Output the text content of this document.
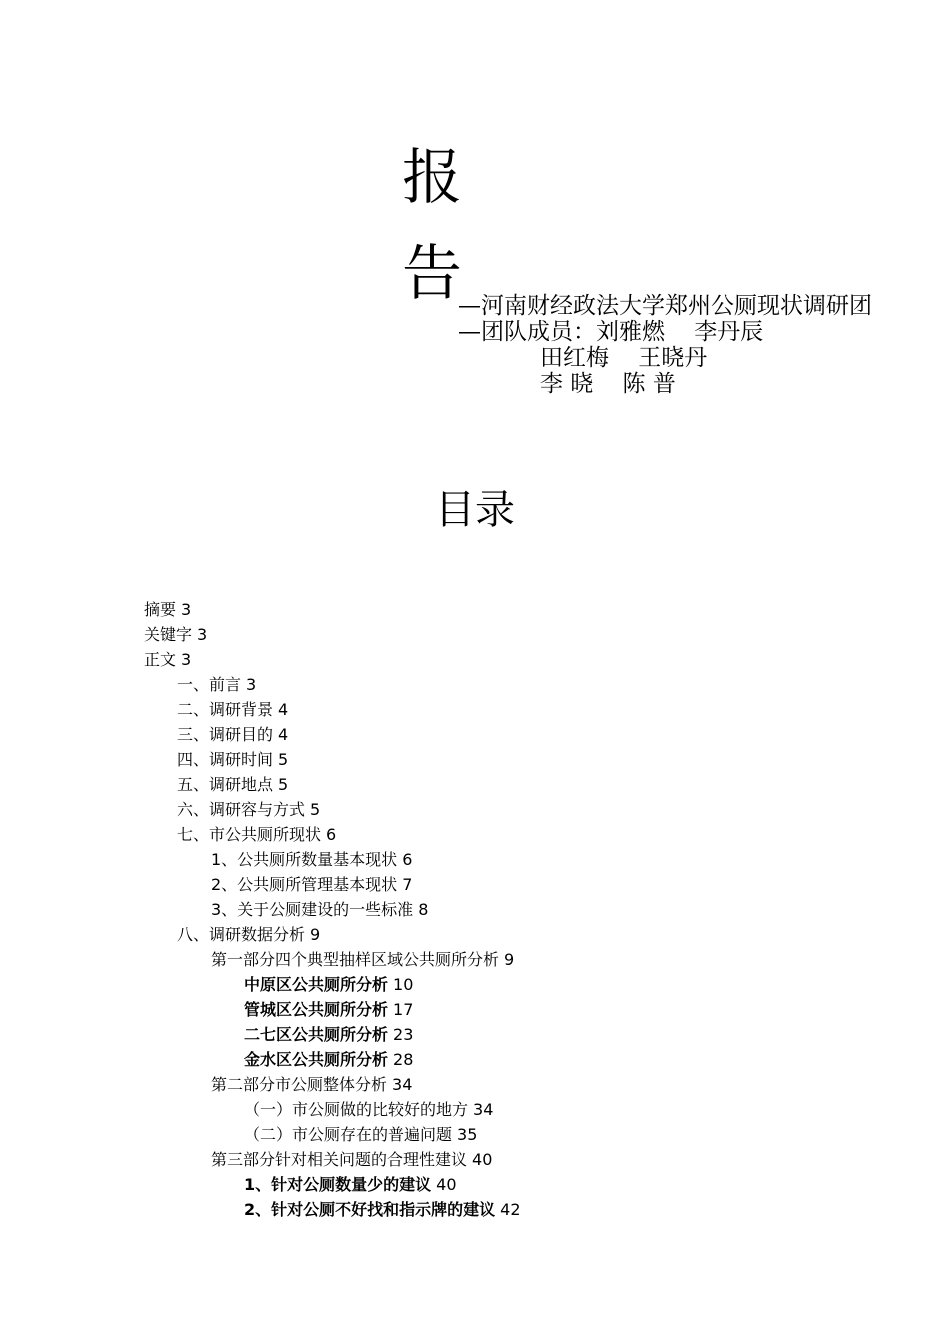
报
告
—河南财经政法大学郑州公厕现状调研团
—团队成员：刘雅燃    李丹辰
田红梅    王晓丹
李 晓    陈 普
目录
摘要 3
关键字 3
正文 3
一、前言 3
二、调研背景 4
三、调研目的 4
四、调研时间 5
五、调研地点 5
六、调研容与方式 5
七、市公共厕所现状 6
1、公共厕所数量基本现状 6
2、公共厕所管理基本现状 7
3、关于公厕建设的一些标准 8
八、调研数据分析 9
第一部分四个典型抽样区域公共厕所分析 9
中原区公共厕所分析 10
管城区公共厕所分析 17
二七区公共厕所分析 23
金水区公共厕所分析 28
第二部分市公厕整体分析 34
（一）市公厕做的比较好的地方 34
（二）市公厕存在的普遍问题 35
第三部分针对相关问题的合理性建议 40
1、针对公厕数量少的建议 40
2、针对公厕不好找和指示牌的建议 42
